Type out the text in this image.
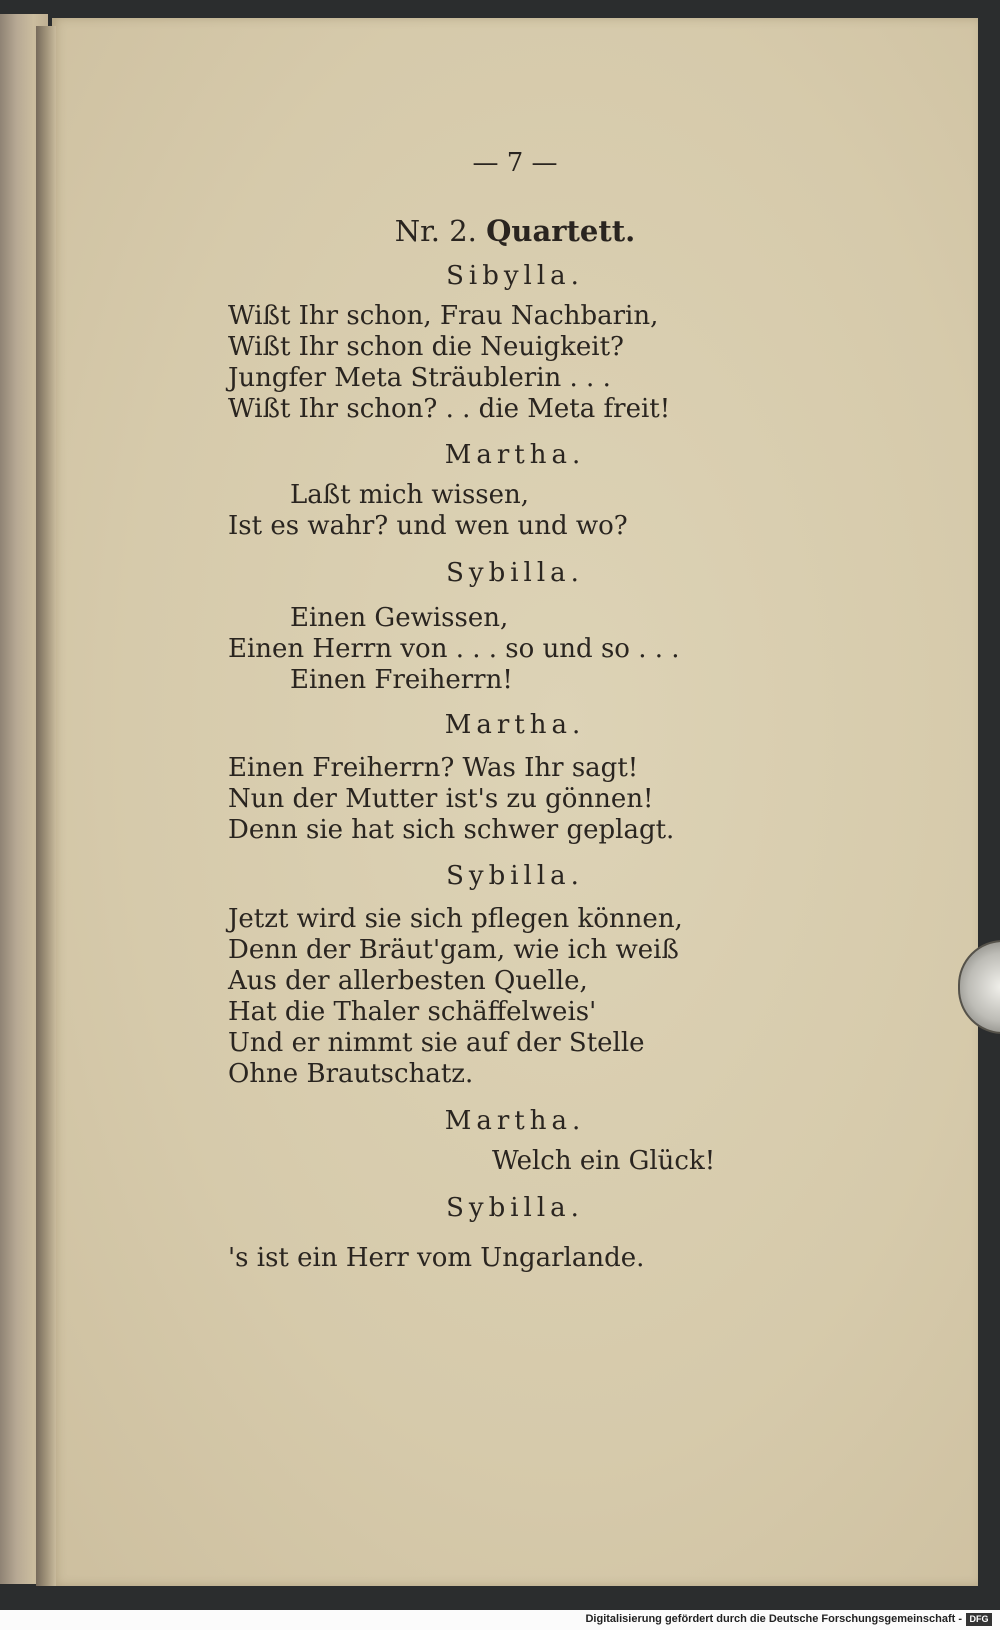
— 7 —
Nr. 2. Quartett.
Sibylla.
Wißt Ihr schon, Frau Nachbarin,
Wißt Ihr schon die Neuigkeit?
Jungfer Meta Sträublerin . . .
Wißt Ihr schon? . . die Meta freit!
Martha.
Laßt mich wissen,
Ist es wahr? und wen und wo?
Sybilla.
Einen Gewissen,
Einen Herrn von . . . so und so . . .
Einen Freiherrn!
Martha.
Einen Freiherrn? Was Ihr sagt!
Nun der Mutter ist's zu gönnen!
Denn sie hat sich schwer geplagt.
Sybilla.
Jetzt wird sie sich pflegen können,
Denn der Bräut'gam, wie ich weiß
Aus der allerbesten Quelle,
Hat die Thaler schäffelweis'
Und er nimmt sie auf der Stelle
Ohne Brautschatz.
Martha.
Welch ein Glück!
Sybilla.
's ist ein Herr vom Ungarlande.
Digitalisierung gefördert durch die Deutsche Forschungsgemeinschaft - DFG
